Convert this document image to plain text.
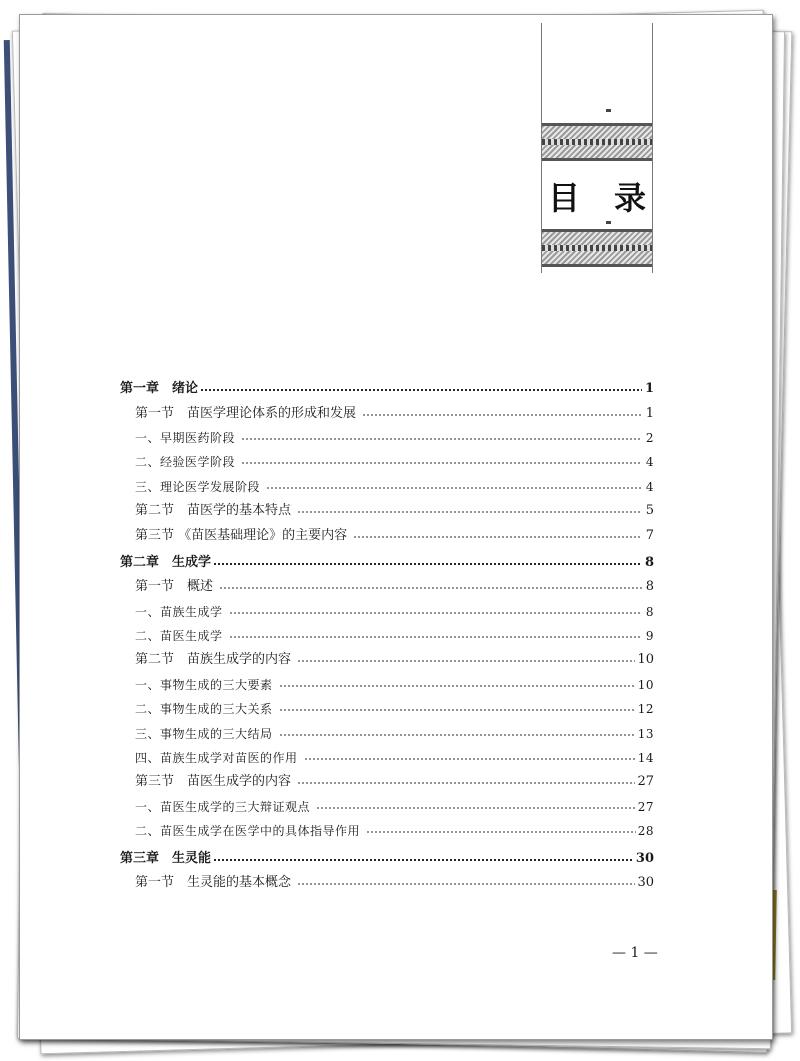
目 录
第一章　绪论	1
第一节　苗医学理论体系的形成和发展	1
一、早期医药阶段	2
二、经验医学阶段	4
三、理论医学发展阶段	4
第二节　苗医学的基本特点	5
第三节 《苗医基础理论》的主要内容	7
第二章　生成学	8
第一节　概述	8
一、苗族生成学	8
二、苗医生成学	9
第二节　苗族生成学的内容	10
一、事物生成的三大要素	10
二、事物生成的三大关系	12
三、事物生成的三大结局	13
四、苗族生成学对苗医的作用	14
第三节　苗医生成学的内容	27
一、苗医生成学的三大辩证观点	27
二、苗医生成学在医学中的具体指导作用	28
第三章　生灵能	30
第一节　生灵能的基本概念	30
— 1 —
